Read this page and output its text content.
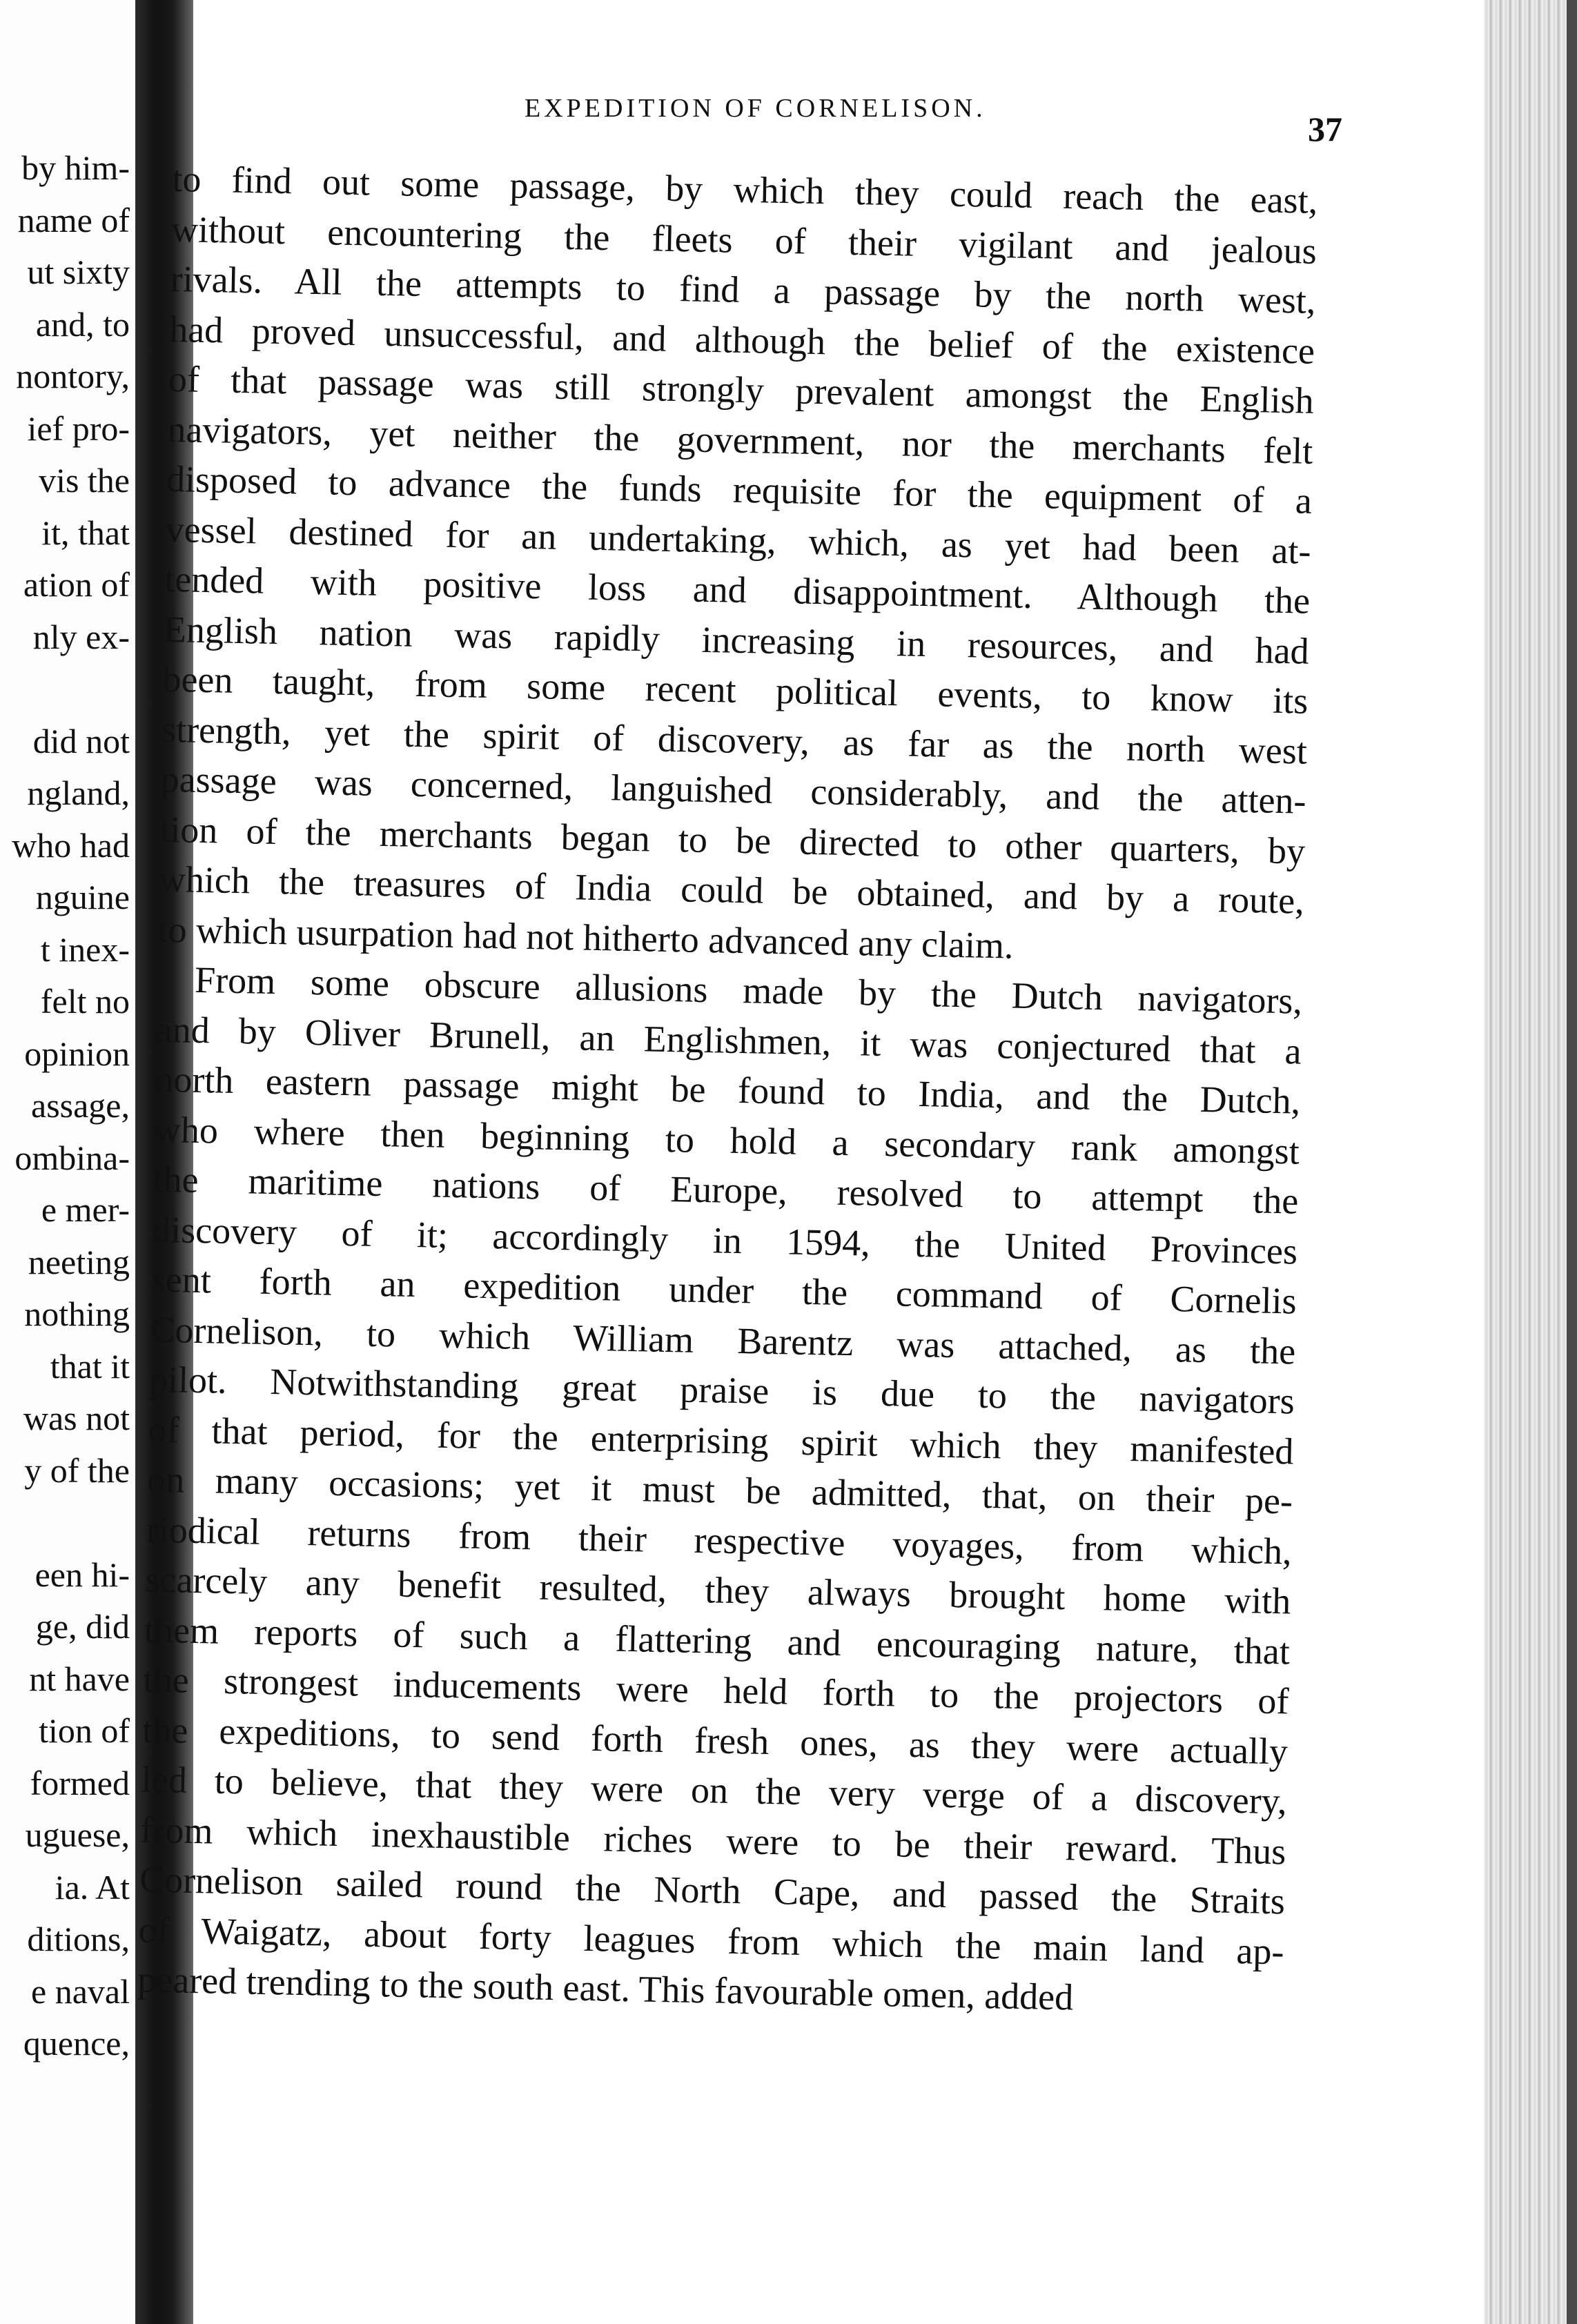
by him-
name of
ut sixty
and, to
nontory,
ief pro-
vis the
it, that
ation of
nly ex-
did not
ngland,
who had
nguine
t inex-
felt no
opinion
assage,
ombina-
e mer-
neeting
nothing
that it
was not
y of the
een hi-
ge, did
nt have
tion of
formed
uguese,
ia. At
ditions,
e naval
quence,
EXPEDITION OF CORNELISON.
37
to find out some passage, by which they could reach the east,
without encountering the fleets of their vigilant and jealous
rivals. All the attempts to find a passage by the north west,
had proved unsuccessful, and although the belief of the existence
of that passage was still strongly prevalent amongst the English
navigators, yet neither the government, nor the merchants felt
disposed to advance the funds requisite for the equipment of a
vessel destined for an undertaking, which, as yet had been at-
tended with positive loss and disappointment. Although the
English nation was rapidly increasing in resources, and had
been taught, from some recent political events, to know its
strength, yet the spirit of discovery, as far as the north west
passage was concerned, languished considerably, and the atten-
tion of the merchants began to be directed to other quarters, by
which the treasures of India could be obtained, and by a route,
to which usurpation had not hitherto advanced any claim.
From some obscure allusions made by the Dutch navigators,
and by Oliver Brunell, an Englishmen, it was conjectured that a
north eastern passage might be found to India, and the Dutch,
who where then beginning to hold a secondary rank amongst
the maritime nations of Europe, resolved to attempt the
discovery of it; accordingly in 1594, the United Provinces
sent forth an expedition under the command of Cornelis
Cornelison, to which William Barentz was attached, as the
pilot. Notwithstanding great praise is due to the navigators
of that period, for the enterprising spirit which they manifested
on many occasions; yet it must be admitted, that, on their pe-
riodical returns from their respective voyages, from which,
scarcely any benefit resulted, they always brought home with
them reports of such a flattering and encouraging nature, that
the strongest inducements were held forth to the projectors of
the expeditions, to send forth fresh ones, as they were actually
led to believe, that they were on the very verge of a discovery,
from which inexhaustible riches were to be their reward. Thus
Cornelison sailed round the North Cape, and passed the Straits
of Waigatz, about forty leagues from which the main land ap-
peared trending to the south east. This favourable omen, added
